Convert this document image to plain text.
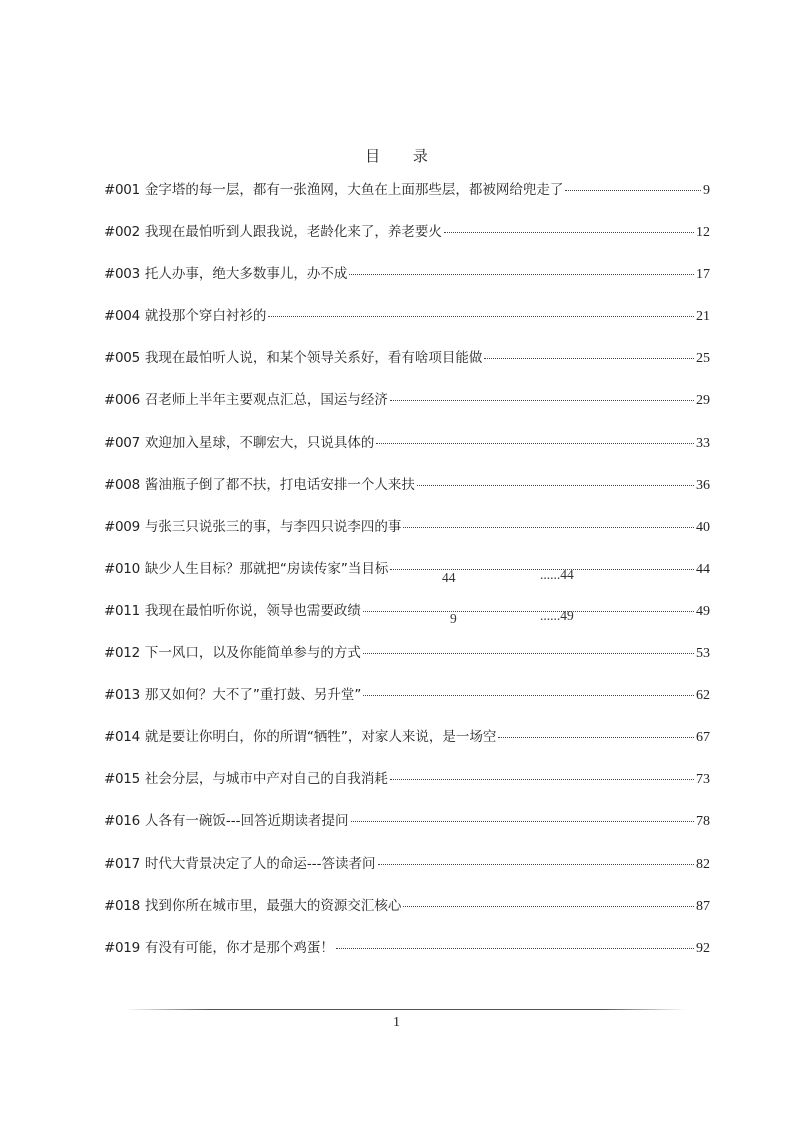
目 录
#001 金字塔的每一层，都有一张渔网，大鱼在上面那些层，都被网给兜走了	9
#002 我现在最怕听到人跟我说，老龄化来了，养老要火	12
#003 托人办事，绝大多数事儿，办不成	17
#004 就投那个穿白衬衫的	21
#005 我现在最怕听人说，和某个领导关系好，看有啥项目能做	25
#006 召老师上半年主要观点汇总，国运与经济	29
#007 欢迎加入星球，不聊宏大，只说具体的	33
#008 酱油瓶子倒了都不扶，打电话安排一个人来扶	36
#009 与张三只说张三的事，与李四只说李四的事	40
#010 缺少人生目标？那就把“房读传家”当目标	44
#011 我现在最怕听你说，领导也需要政绩	49
#012 下一风口，以及你能简单参与的方式	53
#013 那又如何？大不了”重打鼓、另升堂”	62
#014 就是要让你明白，你的所谓“牺牲”，对家人来说，是一场空	67
#015 社会分层，与城市中产对自己的自我消耗	73
#016 人各有一碗饭---回答近期读者提问	78
#017 时代大背景决定了人的命运---答读者问	82
#018 找到你所在城市里，最强大的资源交汇核心	87
#019 有没有可能，你才是那个鸡蛋！	92
44	......44
9	......49
1
